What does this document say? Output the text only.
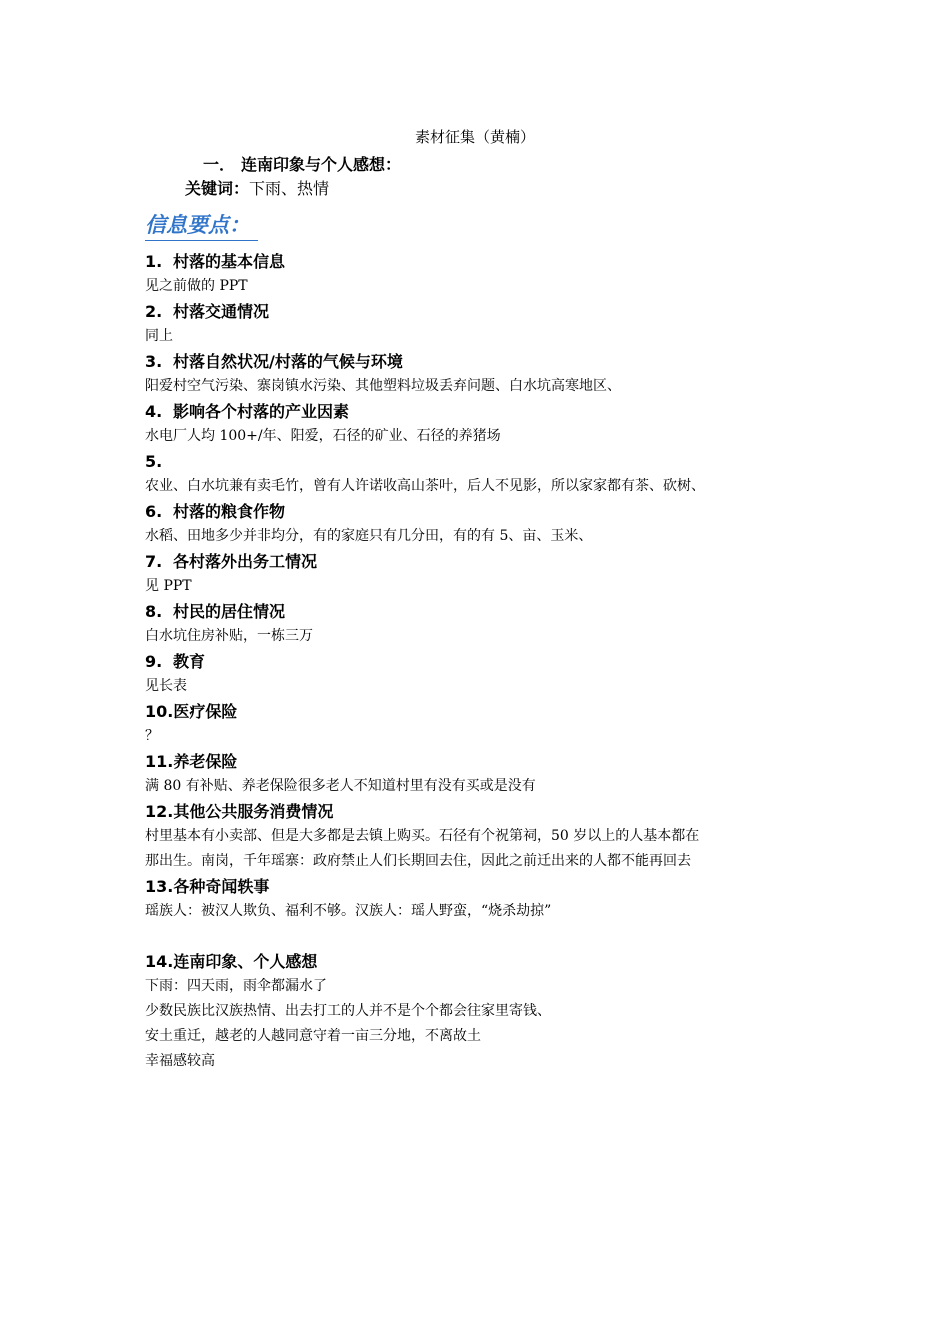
素材征集（黄楠）
一． 连南印象与个人感想：
关键词：下雨、热情
信息要点：
1. 村落的基本信息
见之前做的 PPT
2. 村落交通情况
同上
3. 村落自然状况/村落的气候与环境
阳爱村空气污染、寨岗镇水污染、其他塑料垃圾丢弃问题、白水坑高寒地区、
4. 影响各个村落的产业因素
水电厂人均 100+/年、阳爱，石径的矿业、石径的养猪场
5.
农业、白水坑兼有卖毛竹，曾有人许诺收高山茶叶，后人不见影，所以家家都有茶、砍树、
6. 村落的粮食作物
水稻、田地多少并非均分，有的家庭只有几分田，有的有 5、亩、玉米、
7. 各村落外出务工情况
见 PPT
8. 村民的居住情况
白水坑住房补贴，一栋三万
9. 教育
见长表
10.医疗保险
？
11.养老保险
满 80 有补贴、养老保险很多老人不知道村里有没有买或是没有
12.其他公共服务消费情况
村里基本有小卖部、但是大多都是去镇上购买。石径有个祝第祠，50 岁以上的人基本都在
那出生。南岗，千年瑶寨：政府禁止人们长期回去住，因此之前迁出来的人都不能再回去
13.各种奇闻轶事
瑶族人：被汉人欺负、福利不够。汉族人：瑶人野蛮，“烧杀劫掠”
14.连南印象、个人感想
下雨：四天雨，雨伞都漏水了
少数民族比汉族热情、出去打工的人并不是个个都会往家里寄钱、
安土重迁，越老的人越同意守着一亩三分地，不离故土
幸福感较高
